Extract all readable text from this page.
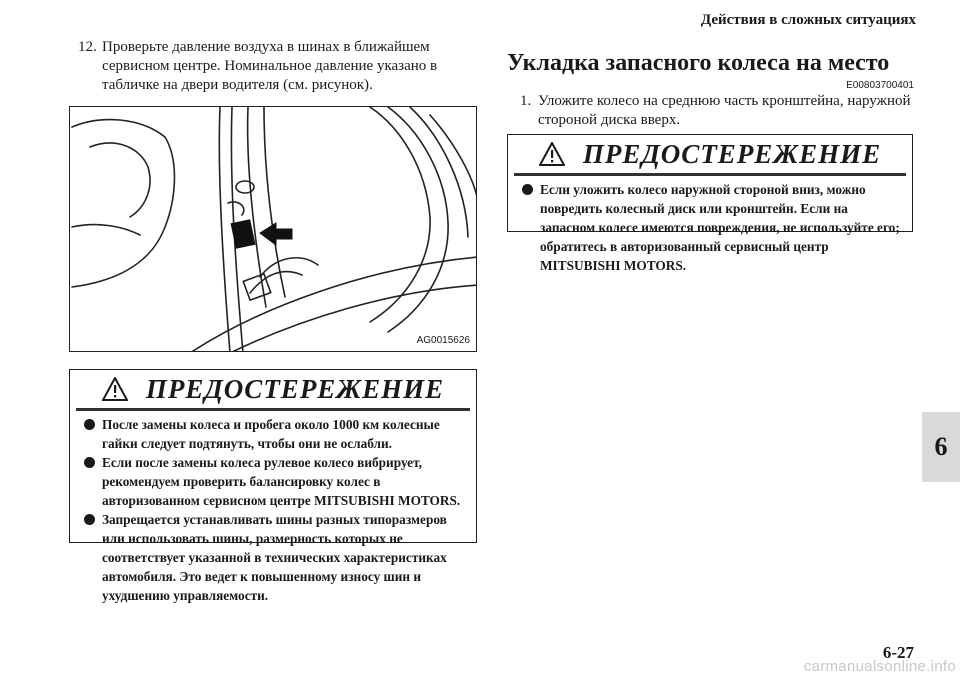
Действия в сложных ситуациях
6
12. Проверьте давление воздуха в шинах в ближайшем сервисном центре. Номинальное давление указано в табличке на двери водителя (см. рисунок).
AG0015626
ПРЕДОСТЕРЕЖЕНИЕ
После замены колеса и пробега около 1000 км колесные гайки следует подтянуть, чтобы они не ослабли.
Если после замены колеса рулевое колесо вибрирует, рекомендуем проверить балансировку колес в авторизованном сервисном центре MITSUBISHI MOTORS.
Запрещается устанавливать шины разных типоразмеров или использовать шины, размерность которых не соответствует указанной в технических характеристиках автомобиля. Это ведет к повышенному износу шин и ухудшению управляемости.
Укладка запасного колеса на место
E00803700401
1. Уложите колесо на среднюю часть кронштейна, наружной стороной диска вверх.
ПРЕДОСТЕРЕЖЕНИЕ
Если уложить колесо наружной стороной вниз, можно повредить колесный диск или кронштейн. Если на запасном колесе имеются повреждения, не используйте его; обратитесь в авторизованный сервисный центр MITSUBISHI MOTORS.
6-27
carmanualsonline.info
